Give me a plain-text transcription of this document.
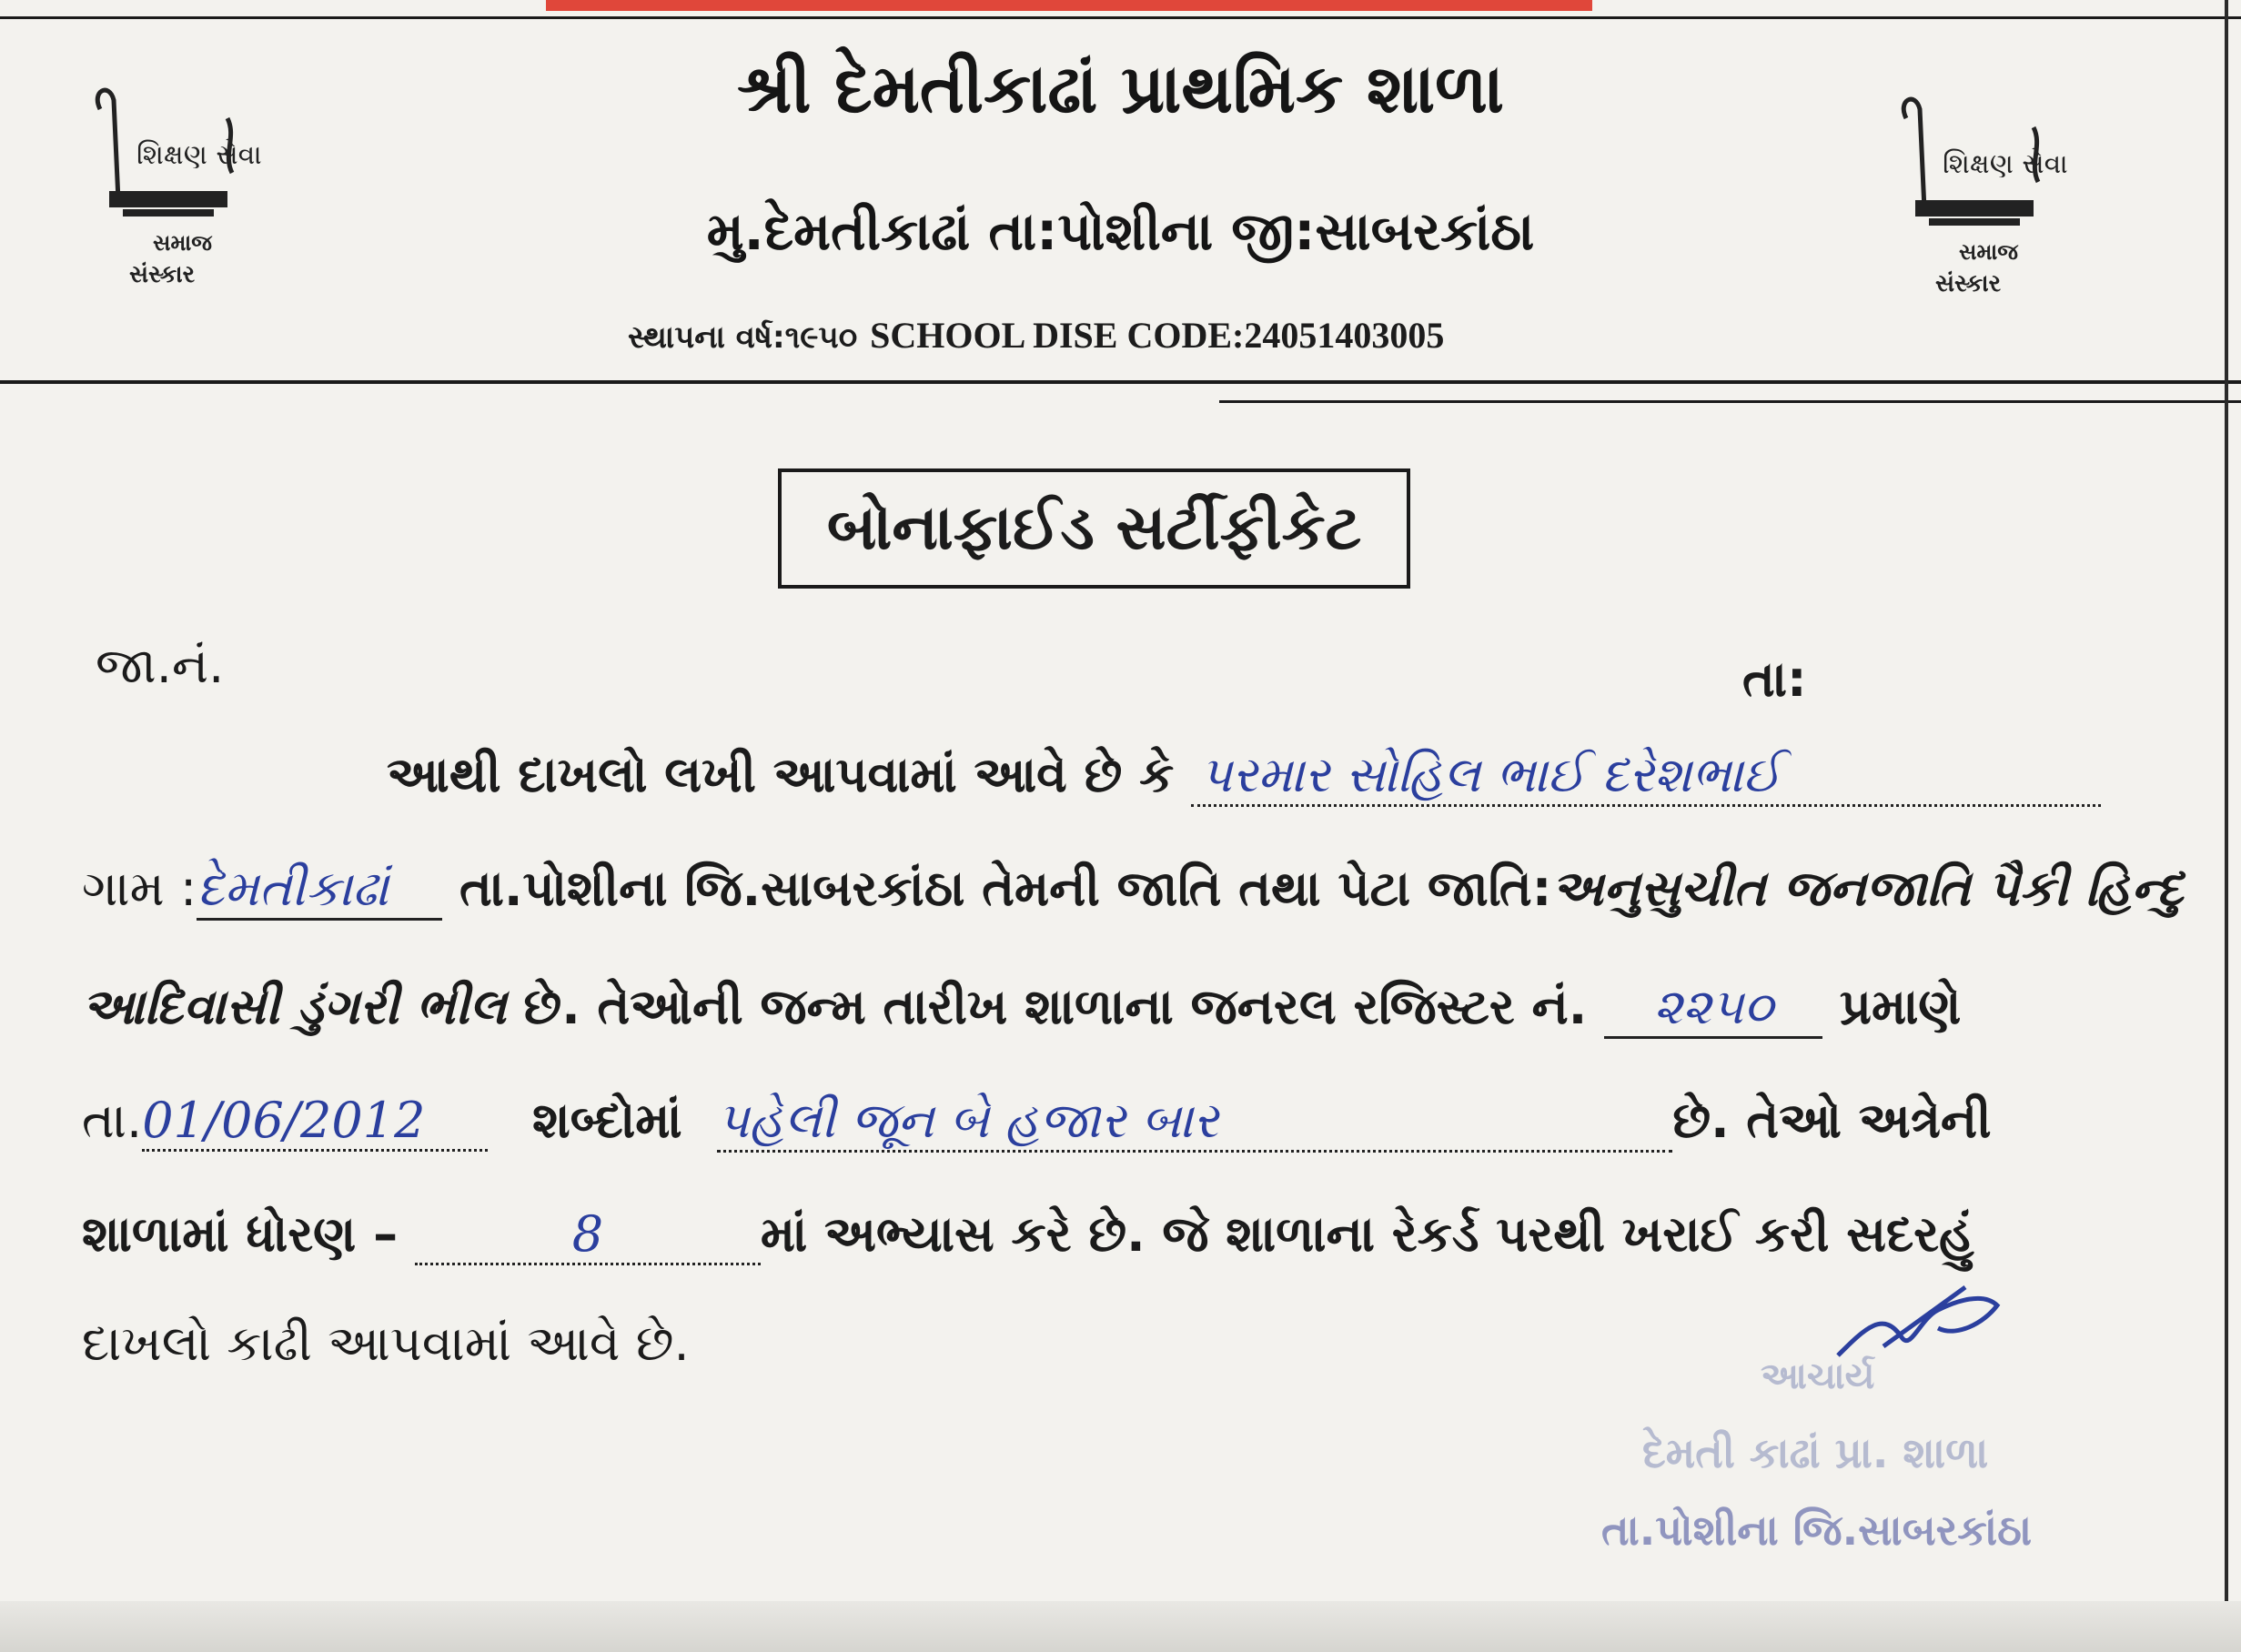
શિક્ષણ સેવા
સમાજ
સંસ્કાર
શિક્ષણ સેવા
સમાજ
સંસ્કાર
શ્રી દેમતીકાઢાં પ્રાથમિક શાળા
મુ.દેમતીકાઢાં તા:પોશીના જી:સાબરકાંઠા
સ્થાપના વર્ષ:૧૯૫૦ SCHOOL DISE CODE:24051403005
બોનાફાઈડ સર્ટીફીકેટ
જા.નં.	તા:
આથી દાખલો લખી આપવામાં આવે છે કે પરમાર સોહિલ ભાઈ દરેશભાઈ
ગામ :દેમતીકાઢાં તા.પોશીના જિ.સાબરકાંઠા તેમની જાતિ તથા પેટા જાતિ:અનુસુચીત જનજાતિ પૈકી હિન્દુ
આદિવાસી ડુંગરી ભીલ છે. તેઓની જન્મ તારીખ શાળાના જનરલ રજિસ્ટર નં. ૨૨૫૦ પ્રમાણે
તા.01/06/2012 શબ્દોમાં પહેલી જૂન બે હજાર બાર	છે. તેઓ અત્રેની
શાળામાં ધોરણ –	8	માં અભ્યાસ કરે છે. જે શાળાના રેકર્ડ પરથી ખરાઈ કરી સદરહું
દાખલો કાઢી આપવામાં આવે છે.
આચાર્ય
દેમતી કાઢાં પ્રા. શાળા
તા.પોશીના જિ.સાબરકાંઠા
